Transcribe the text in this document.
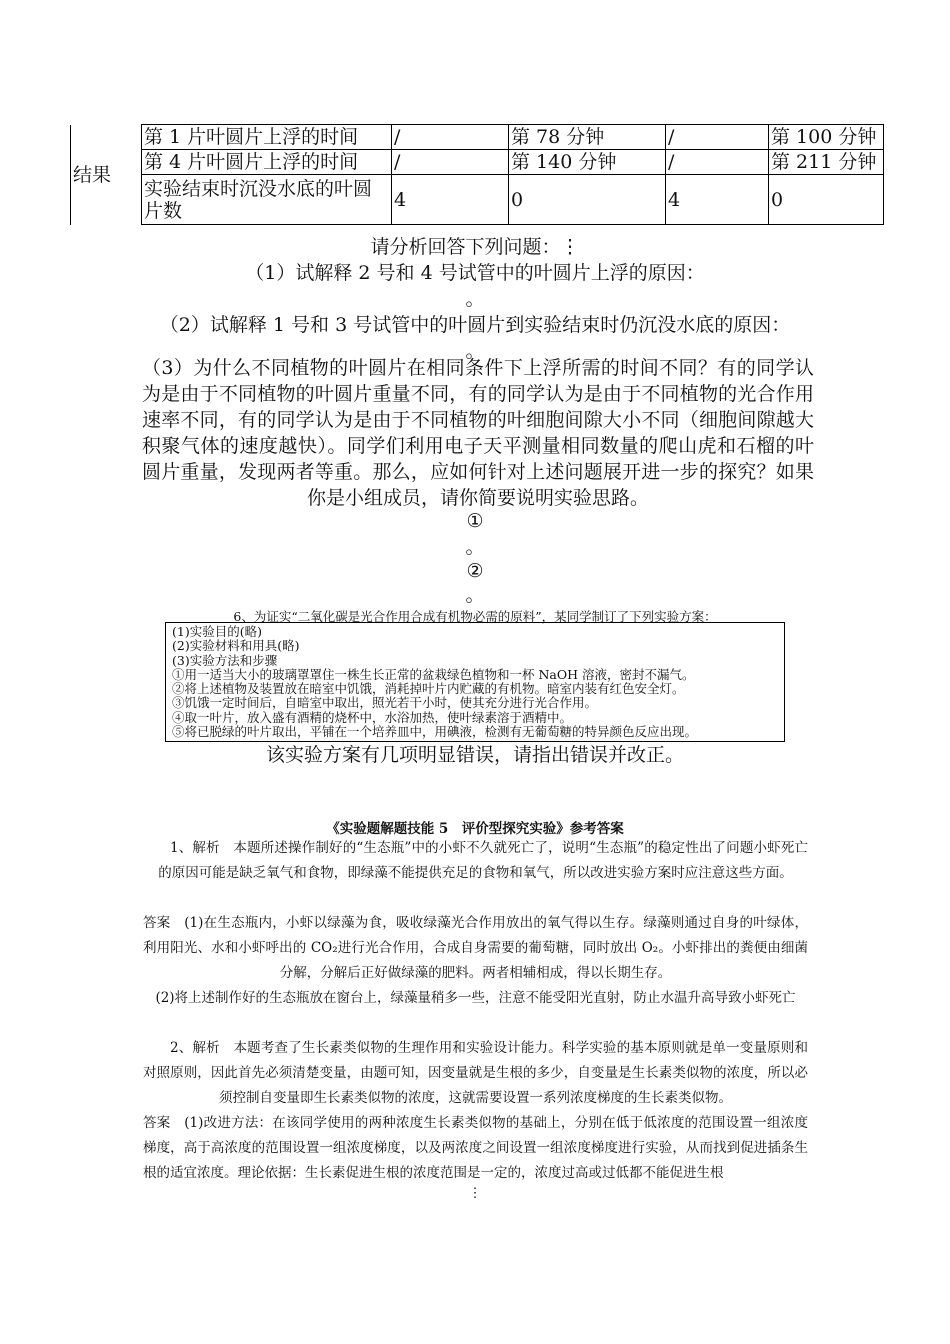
结果	第 1 片叶圆片上浮的时间	/	第 78 分钟	/	第 100 分钟
	第 4 片叶圆片上浮的时间	/	第 140 分钟	/	第 211 分钟
	实验结束时沉没水底的叶圆片数	4	0	4	0
请分析回答下列问题：⋮
（1）试解释 2 号和 4 号试管中的叶圆片上浮的原因：
。
（2）试解释 1 号和 3 号试管中的叶圆片到实验结束时仍沉没水底的原因：
。
（3）为什么不同植物的叶圆片在相同条件下上浮所需的时间不同？有的同学认为是由于不同植物的叶圆片重量不同，有的同学认为是由于不同植物的光合作用速率不同，有的同学认为是由于不同植物的叶细胞间隙大小不同（细胞间隙越大积聚气体的速度越快）。同学们利用电子天平测量相同数量的爬山虎和石榴的叶圆片重量，发现两者等重。那么，应如何针对上述问题展开进一步的探究？如果你是小组成员，请你简要说明实验思路。
①
。
②
。
6、为证实“二氧化碳是光合作用合成有机物必需的原料”，某同学制订了下列实验方案：
(1)实验目的(略)
(2)实验材料和用具(略)
(3)实验方法和步骤
①用一适当大小的玻璃罩罩住一株生长正常的盆栽绿色植物和一杯 NaOH 溶液，密封不漏气。
②将上述植物及装置放在暗室中饥饿，消耗掉叶片内贮藏的有机物。暗室内装有红色安全灯。
③饥饿一定时间后，自暗室中取出，照光若干小时，使其充分进行光合作用。
④取一叶片，放入盛有酒精的烧杯中，水浴加热，使叶绿素溶于酒精中。
⑤将已脱绿的叶片取出，平铺在一个培养皿中，用碘液，检测有无葡萄糖的特异颜色反应出现。
该实验方案有几项明显错误，请指出错误并改正。
《实验题解题技能 5　评价型探究实验》参考答案
1、解析　本题所述操作制好的“生态瓶”中的小虾不久就死亡了，说明“生态瓶”的稳定性出了问题小虾死亡的原因可能是缺乏氧气和食物，即绿藻不能提供充足的食物和氧气，所以改进实验方案时应注意这些方面。
答案　(1)在生态瓶内，小虾以绿藻为食，吸收绿藻光合作用放出的氧气得以生存。绿藻则通过自身的叶绿体，利用阳光、水和小虾呼出的 CO₂进行光合作用，合成自身需要的葡萄糖，同时放出 O₂。小虾排出的粪便由细菌分解，分解后正好做绿藻的肥料。两者相辅相成，得以长期生存。
(2)将上述制作好的生态瓶放在窗台上，绿藻量稍多一些，注意不能受阳光直射，防止水温升高导致小虾死亡
2、解析　本题考查了生长素类似物的生理作用和实验设计能力。科学实验的基本原则就是单一变量原则和对照原则，因此首先必须清楚变量，由题可知，因变量就是生根的多少，自变量是生长素类似物的浓度，所以必须控制自变量即生长素类似物的浓度，这就需要设置一系列浓度梯度的生长素类似物。
答案　(1)改进方法：在该同学使用的两种浓度生长素类似物的基础上，分别在低于低浓度的范围设置一组浓度梯度，高于高浓度的范围设置一组浓度梯度，以及两浓度之间设置一组浓度梯度进行实验，从而找到促进插条生根的适宜浓度。理论依据：生长素促进生根的浓度范围是一定的，浓度过高或过低都不能促进生根
⋮
